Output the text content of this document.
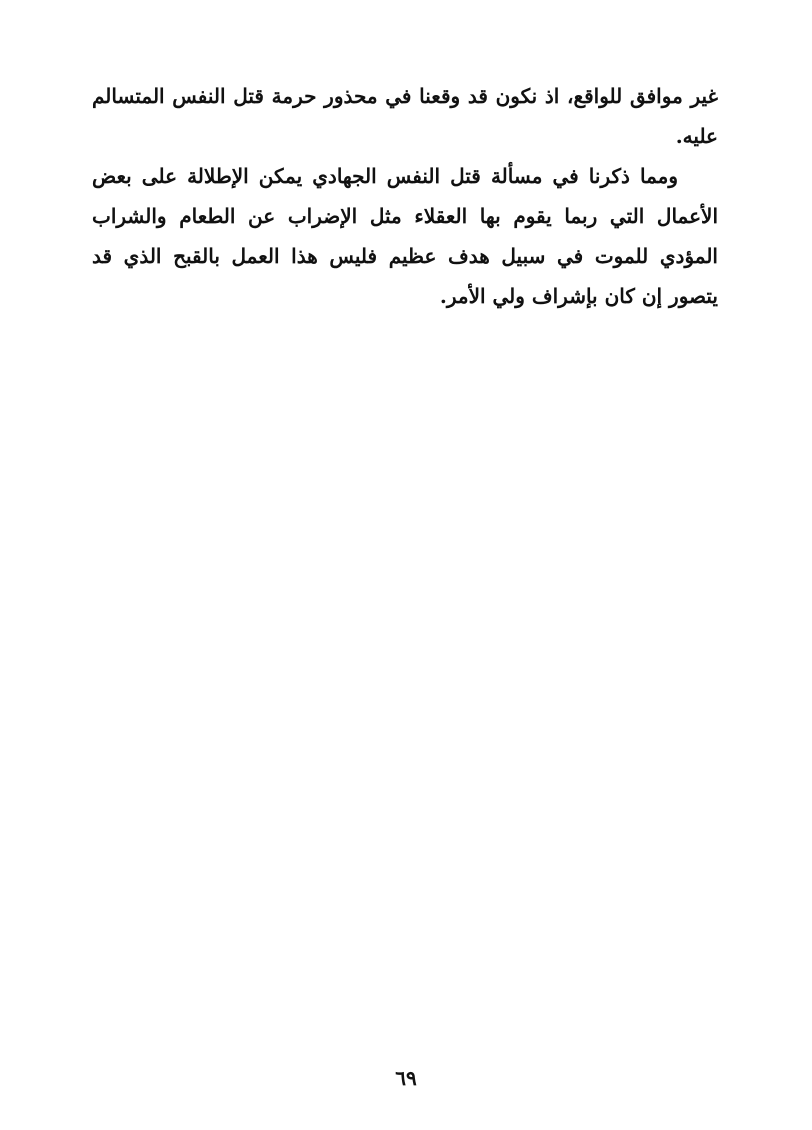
غير موافق للواقع، اذ نكون قد وقعنا في محذور حرمة قتل النفس المتسالم عليه.

ومما ذكرنا في مسألة قتل النفس الجهادي يمكن الإطلالة على بعض الأعمال التي ربما يقوم بها العقلاء مثل الإضراب عن الطعام والشراب المؤدي للموت في سبيل هدف عظيم فليس هذا العمل بالقبح الذي قد يتصور إن كان بإشراف ولي الأمر.

٦٩
